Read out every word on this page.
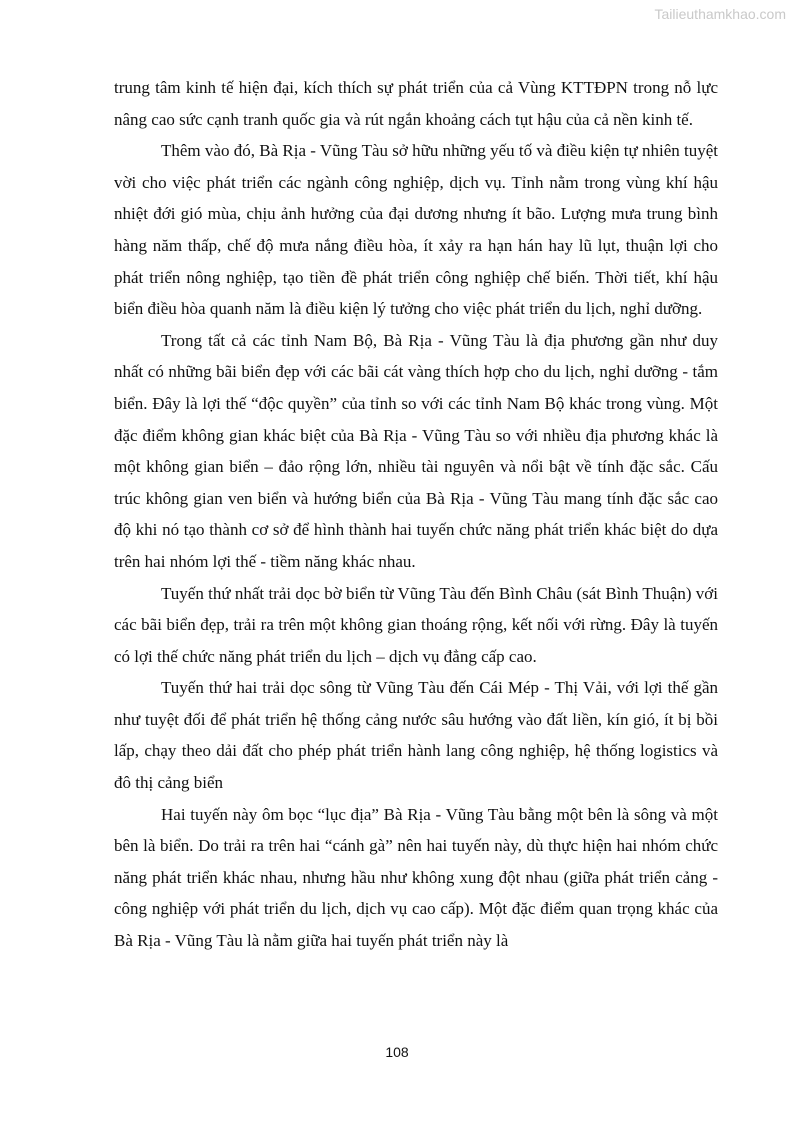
Tailieuthamkhao.com

trung tâm kinh tế hiện đại, kích thích sự phát triển của cả Vùng KTTĐPN trong nỗ lực nâng cao sức cạnh tranh quốc gia và rút ngắn khoảng cách tụt hậu của cả nền kinh tế.

Thêm vào đó, Bà Rịa - Vũng Tàu sở hữu những yếu tố và điều kiện tự nhiên tuyệt vời cho việc phát triển các ngành công nghiệp, dịch vụ. Tỉnh nằm trong vùng khí hậu nhiệt đới gió mùa, chịu ảnh hưởng của đại dương nhưng ít bão. Lượng mưa trung bình hàng năm thấp, chế độ mưa nắng điều hòa, ít xảy ra hạn hán hay lũ lụt, thuận lợi cho phát triển nông nghiệp, tạo tiền đề phát triển công nghiệp chế biến. Thời tiết, khí hậu biển điều hòa quanh năm là điều kiện lý tưởng cho việc phát triển du lịch, nghỉ dưỡng.

Trong tất cả các tỉnh Nam Bộ, Bà Rịa - Vũng Tàu là địa phương gần như duy nhất có những bãi biển đẹp với các bãi cát vàng thích hợp cho du lịch, nghỉ dưỡng - tắm biển. Đây là lợi thế “độc quyền” của tỉnh so với các tỉnh Nam Bộ khác trong vùng. Một đặc điểm không gian khác biệt của Bà Rịa - Vũng Tàu so với nhiều địa phương khác là một không gian biển – đảo rộng lớn, nhiều tài nguyên và nổi bật về tính đặc sắc. Cấu trúc không gian ven biển và hướng biển của Bà Rịa - Vũng Tàu mang tính đặc sắc cao độ khi nó tạo thành cơ sở để hình thành hai tuyến chức năng phát triển khác biệt do dựa trên hai nhóm lợi thế - tiềm năng khác nhau.

Tuyến thứ nhất trải dọc bờ biển từ Vũng Tàu đến Bình Châu (sát Bình Thuận) với các bãi biển đẹp, trải ra trên một không gian thoáng rộng, kết nối với rừng. Đây là tuyến có lợi thế chức năng phát triển du lịch – dịch vụ đẳng cấp cao.

Tuyến thứ hai trải dọc sông từ Vũng Tàu đến Cái Mép - Thị Vải, với lợi thế gần như tuyệt đối để phát triển hệ thống cảng nước sâu hướng vào đất liền, kín gió, ít bị bồi lấp, chạy theo dải đất cho phép phát triển hành lang công nghiệp, hệ thống logistics và đô thị cảng biển

Hai tuyến này ôm bọc “lục địa” Bà Rịa - Vũng Tàu bằng một bên là sông và một bên là biển. Do trải ra trên hai “cánh gà” nên hai tuyến này, dù thực hiện hai nhóm chức năng phát triển khác nhau, nhưng hầu như không xung đột nhau (giữa phát triển cảng - công nghiệp với phát triển du lịch, dịch vụ cao cấp). Một đặc điểm quan trọng khác của Bà Rịa - Vũng Tàu là nằm giữa hai tuyến phát triển này là

108
